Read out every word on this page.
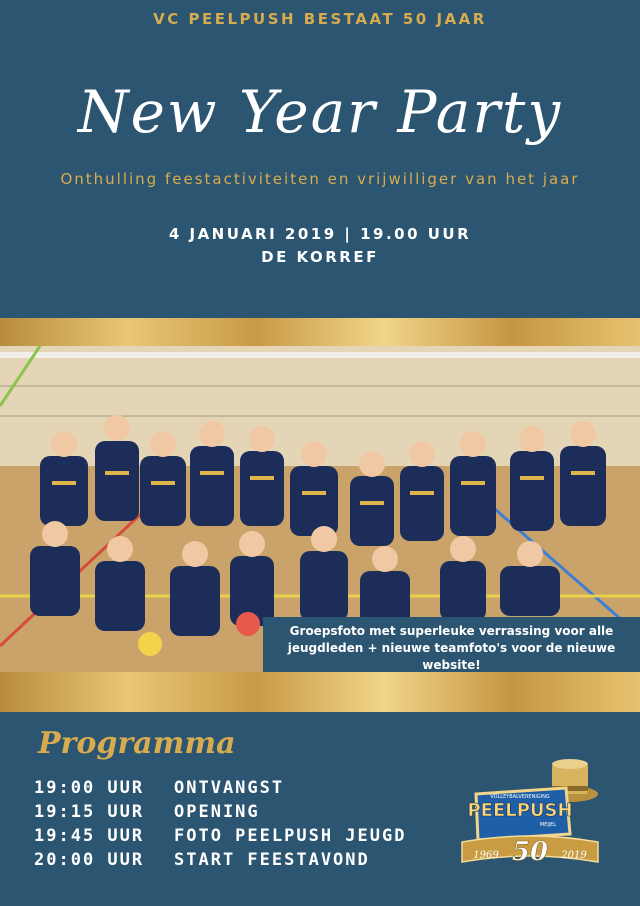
VC PEELPUSH BESTAAT 50 JAAR
New Year Party
Onthulling feestactiviteiten en vrijwilliger van het jaar
4 JANUARI 2019 | 19.00 UUR
DE KORREF
Groepsfoto met superleuke verrassing voor alle jeugdleden + nieuwe teamfoto's voor de nieuwe website!
Programma
19:00 UUR ONTVANGST
19:15 UUR OPENING
19:45 UUR FOTO PEELPUSH JEUGD
20:00 UUR START FEESTAVOND
VOLLEYBALVERENIGING
PEELPUSH
MEIJEL
1969 50 2019
